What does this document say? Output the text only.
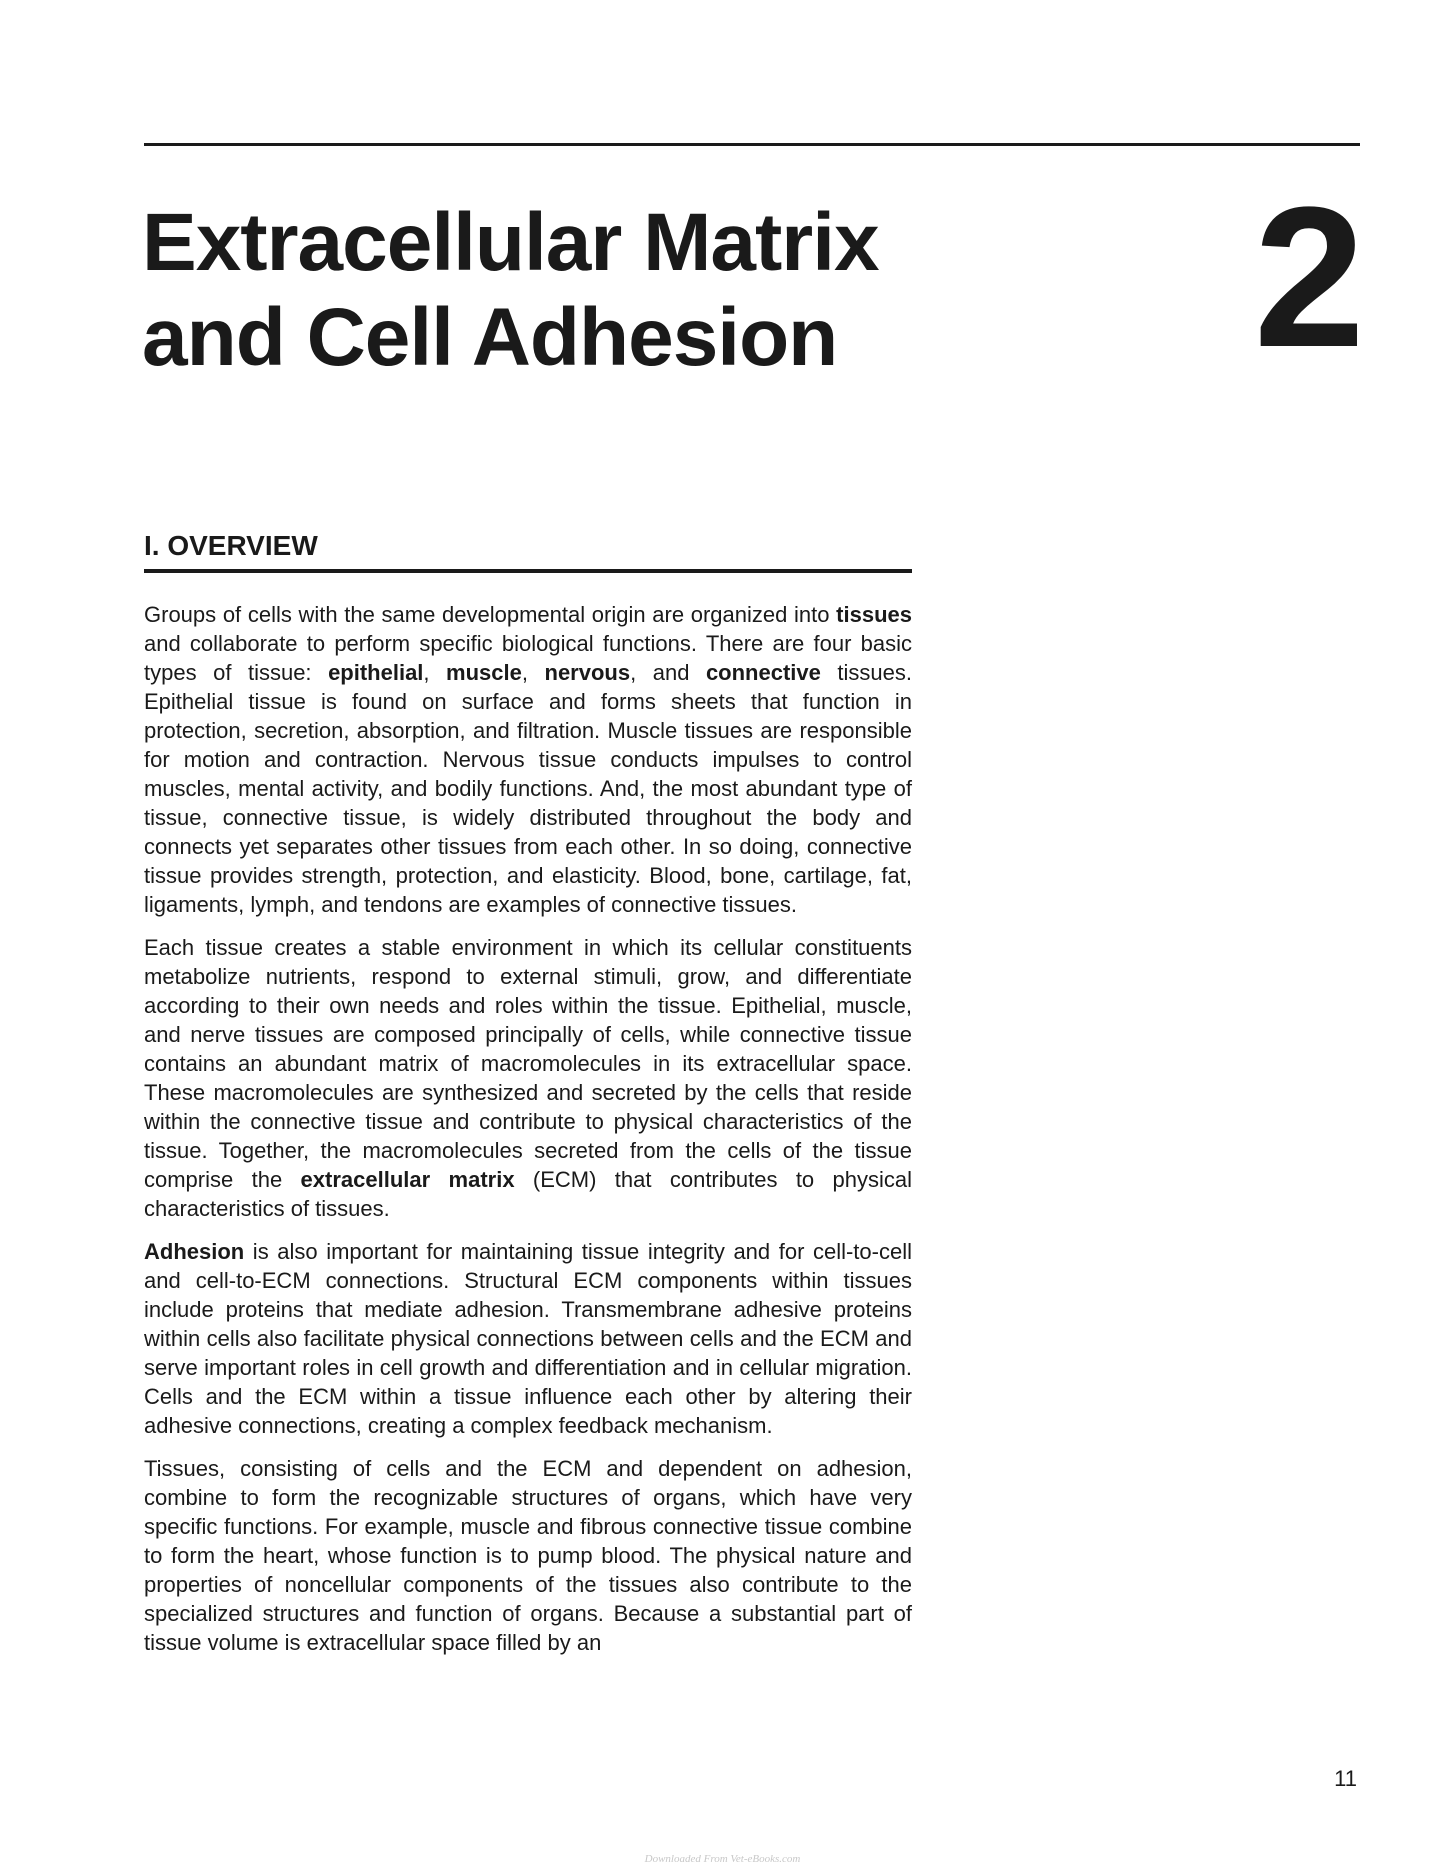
Extracellular Matrix
and Cell Adhesion	2
I. OVERVIEW

Groups of cells with the same developmental origin are organized into tissues and collaborate to perform specific biological functions. There are four basic types of tissue: epithelial, muscle, nervous, and connective tissues. Epithelial tissue is found on surface and forms sheets that function in protection, secretion, absorption, and filtration. Muscle tissues are responsible for motion and contraction. Nervous tissue conducts impulses to control muscles, mental activity, and bodily functions. And, the most abundant type of tissue, connective tissue, is widely distributed throughout the body and connects yet separates other tissues from each other. In so doing, connective tissue provides strength, protection, and elasticity. Blood, bone, cartilage, fat, ligaments, lymph, and tendons are examples of connective tissues.

Each tissue creates a stable environment in which its cellular constituents metabolize nutrients, respond to external stimuli, grow, and differentiate according to their own needs and roles within the tissue. Epithelial, muscle, and nerve tissues are composed principally of cells, while connective tissue contains an abundant matrix of macromolecules in its extracellular space. These macromolecules are synthesized and secreted by the cells that reside within the connective tissue and contribute to physical characteristics of the tissue. Together, the macromolecules secreted from the cells of the tissue comprise the extracellular matrix (ECM) that contributes to physical characteristics of tissues.

Adhesion is also important for maintaining tissue integrity and for cell-to-cell and cell-to-ECM connections. Structural ECM components within tissues include proteins that mediate adhesion. Transmembrane adhesive proteins within cells also facilitate physical connections between cells and the ECM and serve important roles in cell growth and differentiation and in cellular migration. Cells and the ECM within a tissue influence each other by altering their adhesive connections, creating a complex feedback mechanism.

Tissues, consisting of cells and the ECM and dependent on adhesion, combine to form the recognizable structures of organs, which have very specific functions. For example, muscle and fibrous connective tissue combine to form the heart, whose function is to pump blood. The physical nature and properties of noncellular components of the tissues also contribute to the specialized structures and function of organs. Because a substantial part of tissue volume is extracellular space filled by an

11
Downloaded From Vet-eBooks.com
